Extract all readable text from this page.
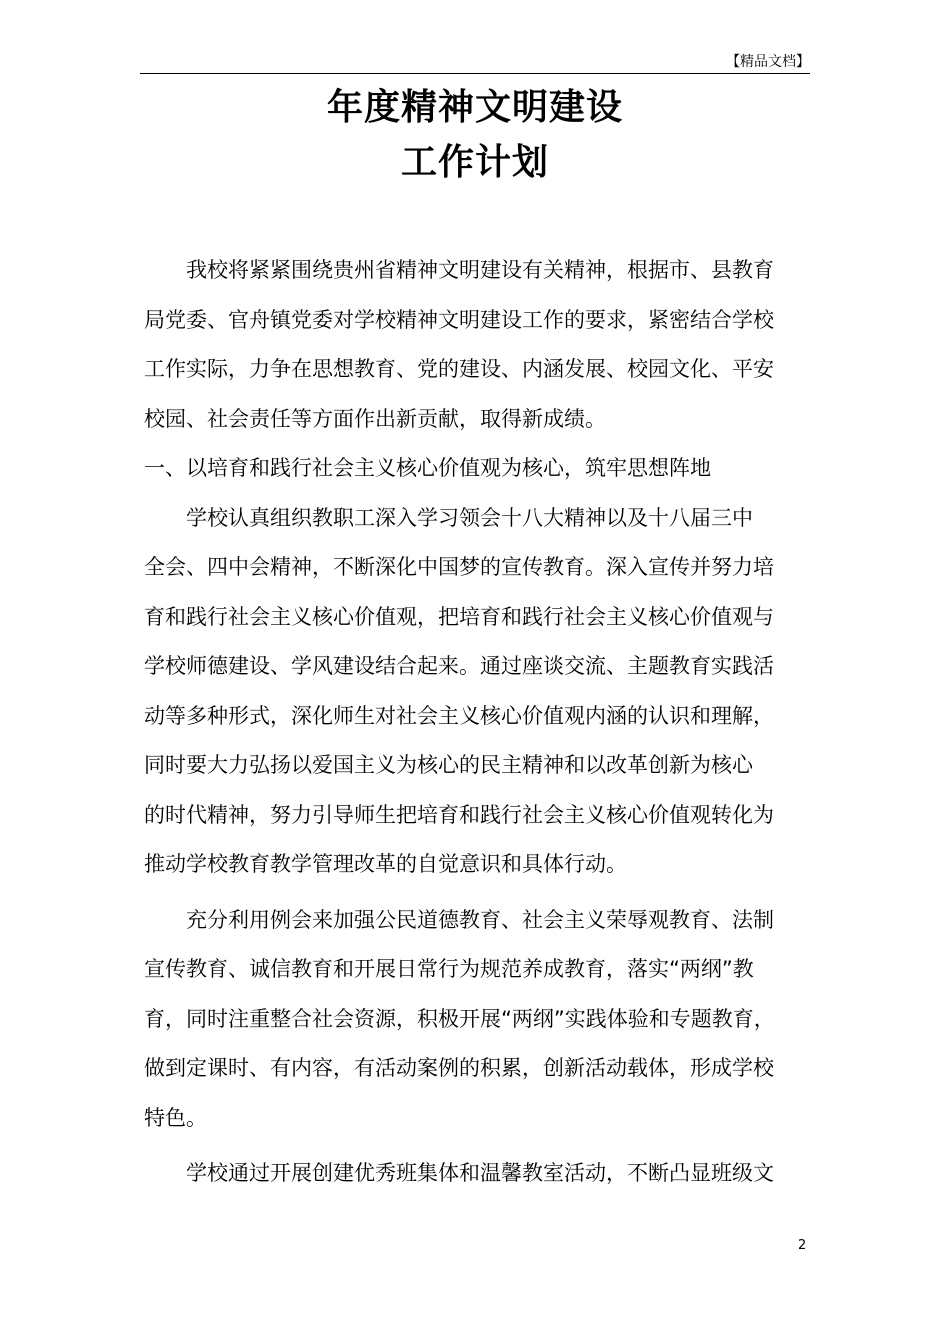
【精品文档】
年度精神文明建设
工作计划
我校将紧紧围绕贵州省精神文明建设有关精神，根据市、县教育
局党委、官舟镇党委对学校精神文明建设工作的要求，紧密结合学校
工作实际，力争在思想教育、党的建设、内涵发展、校园文化、平安
校园、社会责任等方面作出新贡献，取得新成绩。
一、以培育和践行社会主义核心价值观为核心，筑牢思想阵地
学校认真组织教职工深入学习领会十八大精神以及十八届三中
全会、四中会精神，不断深化中国梦的宣传教育。深入宣传并努力培
育和践行社会主义核心价值观，把培育和践行社会主义核心价值观与
学校师德建设、学风建设结合起来。通过座谈交流、主题教育实践活
动等多种形式，深化师生对社会主义核心价值观内涵的认识和理解，
同时要大力弘扬以爱国主义为核心的民主精神和以改革创新为核心
的时代精神，努力引导师生把培育和践行社会主义核心价值观转化为
推动学校教育教学管理改革的自觉意识和具体行动。
充分利用例会来加强公民道德教育、社会主义荣辱观教育、法制
宣传教育、诚信教育和开展日常行为规范养成教育，落实“两纲”教
育，同时注重整合社会资源，积极开展“两纲”实践体验和专题教育，
做到定课时、有内容，有活动案例的积累，创新活动载体，形成学校
特色。
学校通过开展创建优秀班集体和温馨教室活动，不断凸显班级文
2
